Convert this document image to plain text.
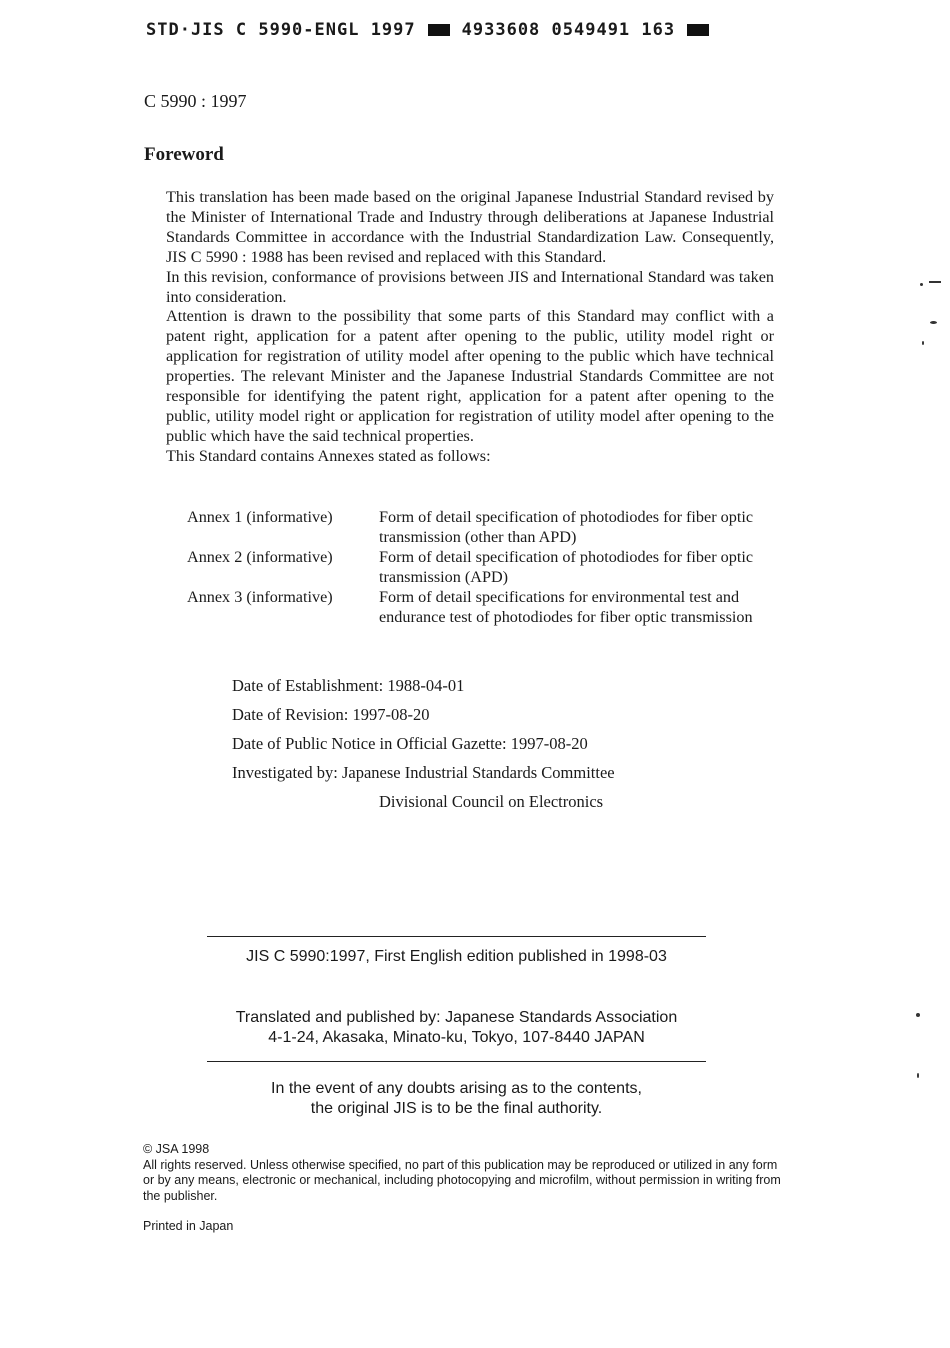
STD·JIS C 5990-ENGL 1997	4933608 0549491 163
C 5990 : 1997
Foreword

This translation has been made based on the original Japanese Industrial Standard revised by the Minister of International Trade and Industry through deliberations at Japanese Industrial Standards Committee in accordance with the Industrial Standardization Law. Consequently, JIS C 5990 : 1988 has been revised and replaced with this Standard.

In this revision, conformance of provisions between JIS and International Standard was taken into consideration.

Attention is drawn to the possibility that some parts of this Standard may conflict with a patent right, application for a patent after opening to the public, utility model right or application for registration of utility model after opening to the public which have technical properties. The relevant Minister and the Japanese Industrial Standards Committee are not responsible for identifying the patent right, application for a patent after opening to the public, utility model right or application for registration of utility model after opening to the public which have the said technical properties.

This Standard contains Annexes stated as follows:

Annex 1 (informative)	Form of detail specification of photodiodes for fiber optic transmission (other than APD)
Annex 2 (informative)	Form of detail specification of photodiodes for fiber optic transmission (APD)
Annex 3 (informative)	Form of detail specifications for environmental test and endurance test of photodiodes for fiber optic transmission
Date of Establishment: 1988-04-01
Date of Revision: 1997-08-20
Date of Public Notice in Official Gazette: 1997-08-20
Investigated by: Japanese Industrial Standards Committee
Divisional Council on Electronics
JIS C 5990:1997, First English edition published in 1998-03
Translated and published by: Japanese Standards Association
4-1-24, Akasaka, Minato-ku, Tokyo, 107-8440 JAPAN
In the event of any doubts arising as to the contents,
the original JIS is to be the final authority.
© JSA 1998
All rights reserved. Unless otherwise specified, no part of this publication may be reproduced or utilized in any form or by any means, electronic or mechanical, including photocopying and microfilm, without permission in writing from the publisher.
Printed in Japan
